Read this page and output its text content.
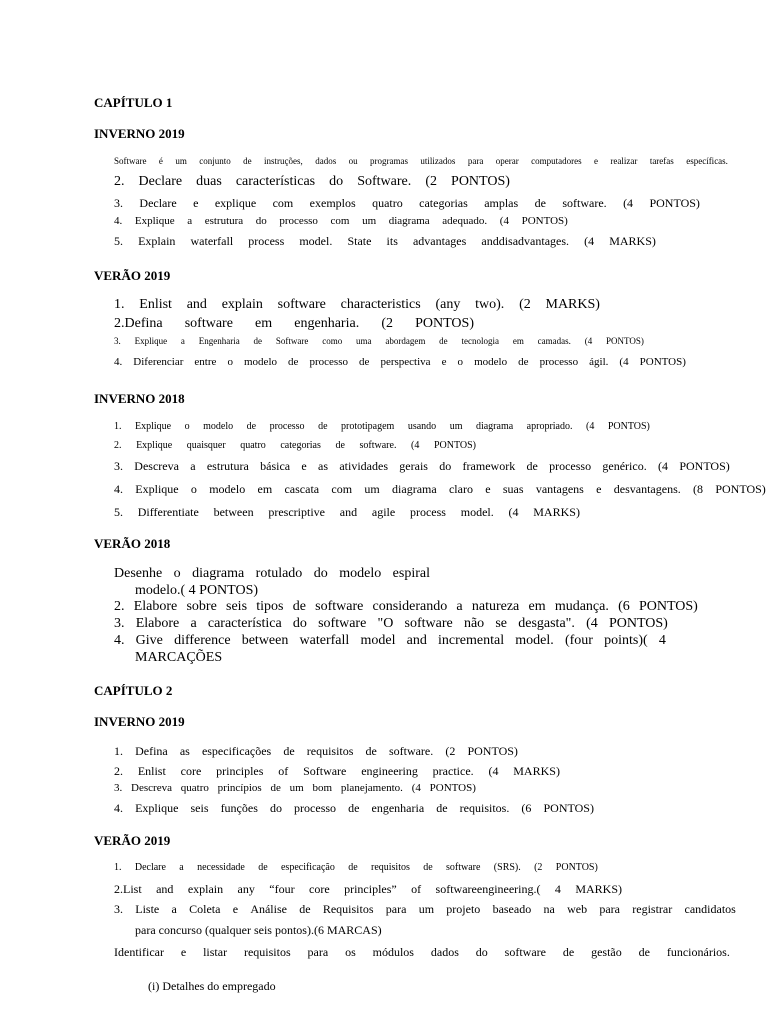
CAPÍTULO 1
INVERNO 2019
Software é um conjunto de instruções, dados ou programas utilizados para operar computadores e realizar tarefas específicas.
2. Declare duas características do Software. (2 PONTOS)
3. Declare e explique com exemplos quatro categorias amplas de software. (4 PONTOS)
4. Explique a estrutura do processo com um diagrama adequado. (4 PONTOS)
5. Explain waterfall process model. State its advantages anddisadvantages. (4 MARKS)
VERÃO 2019
1. Enlist and explain software characteristics (any two). (2 MARKS)
2.Defina software em engenharia. (2 PONTOS)
3. Explique a Engenharia de Software como uma abordagem de tecnologia em camadas. (4 PONTOS)
4. Diferenciar entre o modelo de processo de perspectiva e o modelo de processo ágil. (4 PONTOS)
INVERNO 2018
1. Explique o modelo de processo de prototipagem usando um diagrama apropriado. (4 PONTOS)
2. Explique quaisquer quatro categorias de software. (4 PONTOS)
3. Descreva a estrutura básica e as atividades gerais do framework de processo genérico. (4 PONTOS)
4. Explique o modelo em cascata com um diagrama claro e suas vantagens e desvantagens. (8 PONTOS)
5. Differentiate between prescriptive and agile process model. (4 MARKS)
VERÃO 2018
Desenhe o diagrama rotulado do modelo espiral
modelo.( 4 PONTOS)
2. Elabore sobre seis tipos de software considerando a natureza em mudança. (6 PONTOS)
3. Elabore a característica do software "O software não se desgasta". (4 PONTOS)
4. Give difference between waterfall model and incremental model. (four points)( 4
MARCAÇÕES
CAPÍTULO 2
INVERNO 2019
1. Defina as especificações de requisitos de software. (2 PONTOS)
2. Enlist core principles of Software engineering practice. (4 MARKS)
3. Descreva quatro princípios de um bom planejamento. (4 PONTOS)
4. Explique seis funções do processo de engenharia de requisitos. (6 PONTOS)
VERÃO 2019
1. Declare a necessidade de especificação de requisitos de software (SRS). (2 PONTOS)
2.List and explain any “four core principles” of softwareengineering.( 4 MARKS)
3. Liste a Coleta e Análise de Requisitos para um projeto baseado na web para registrar candidatos
para concurso (qualquer seis pontos).(6 MARCAS)
Identificar e listar requisitos para os módulos dados do software de gestão de funcionários.
(i) Detalhes do empregado
